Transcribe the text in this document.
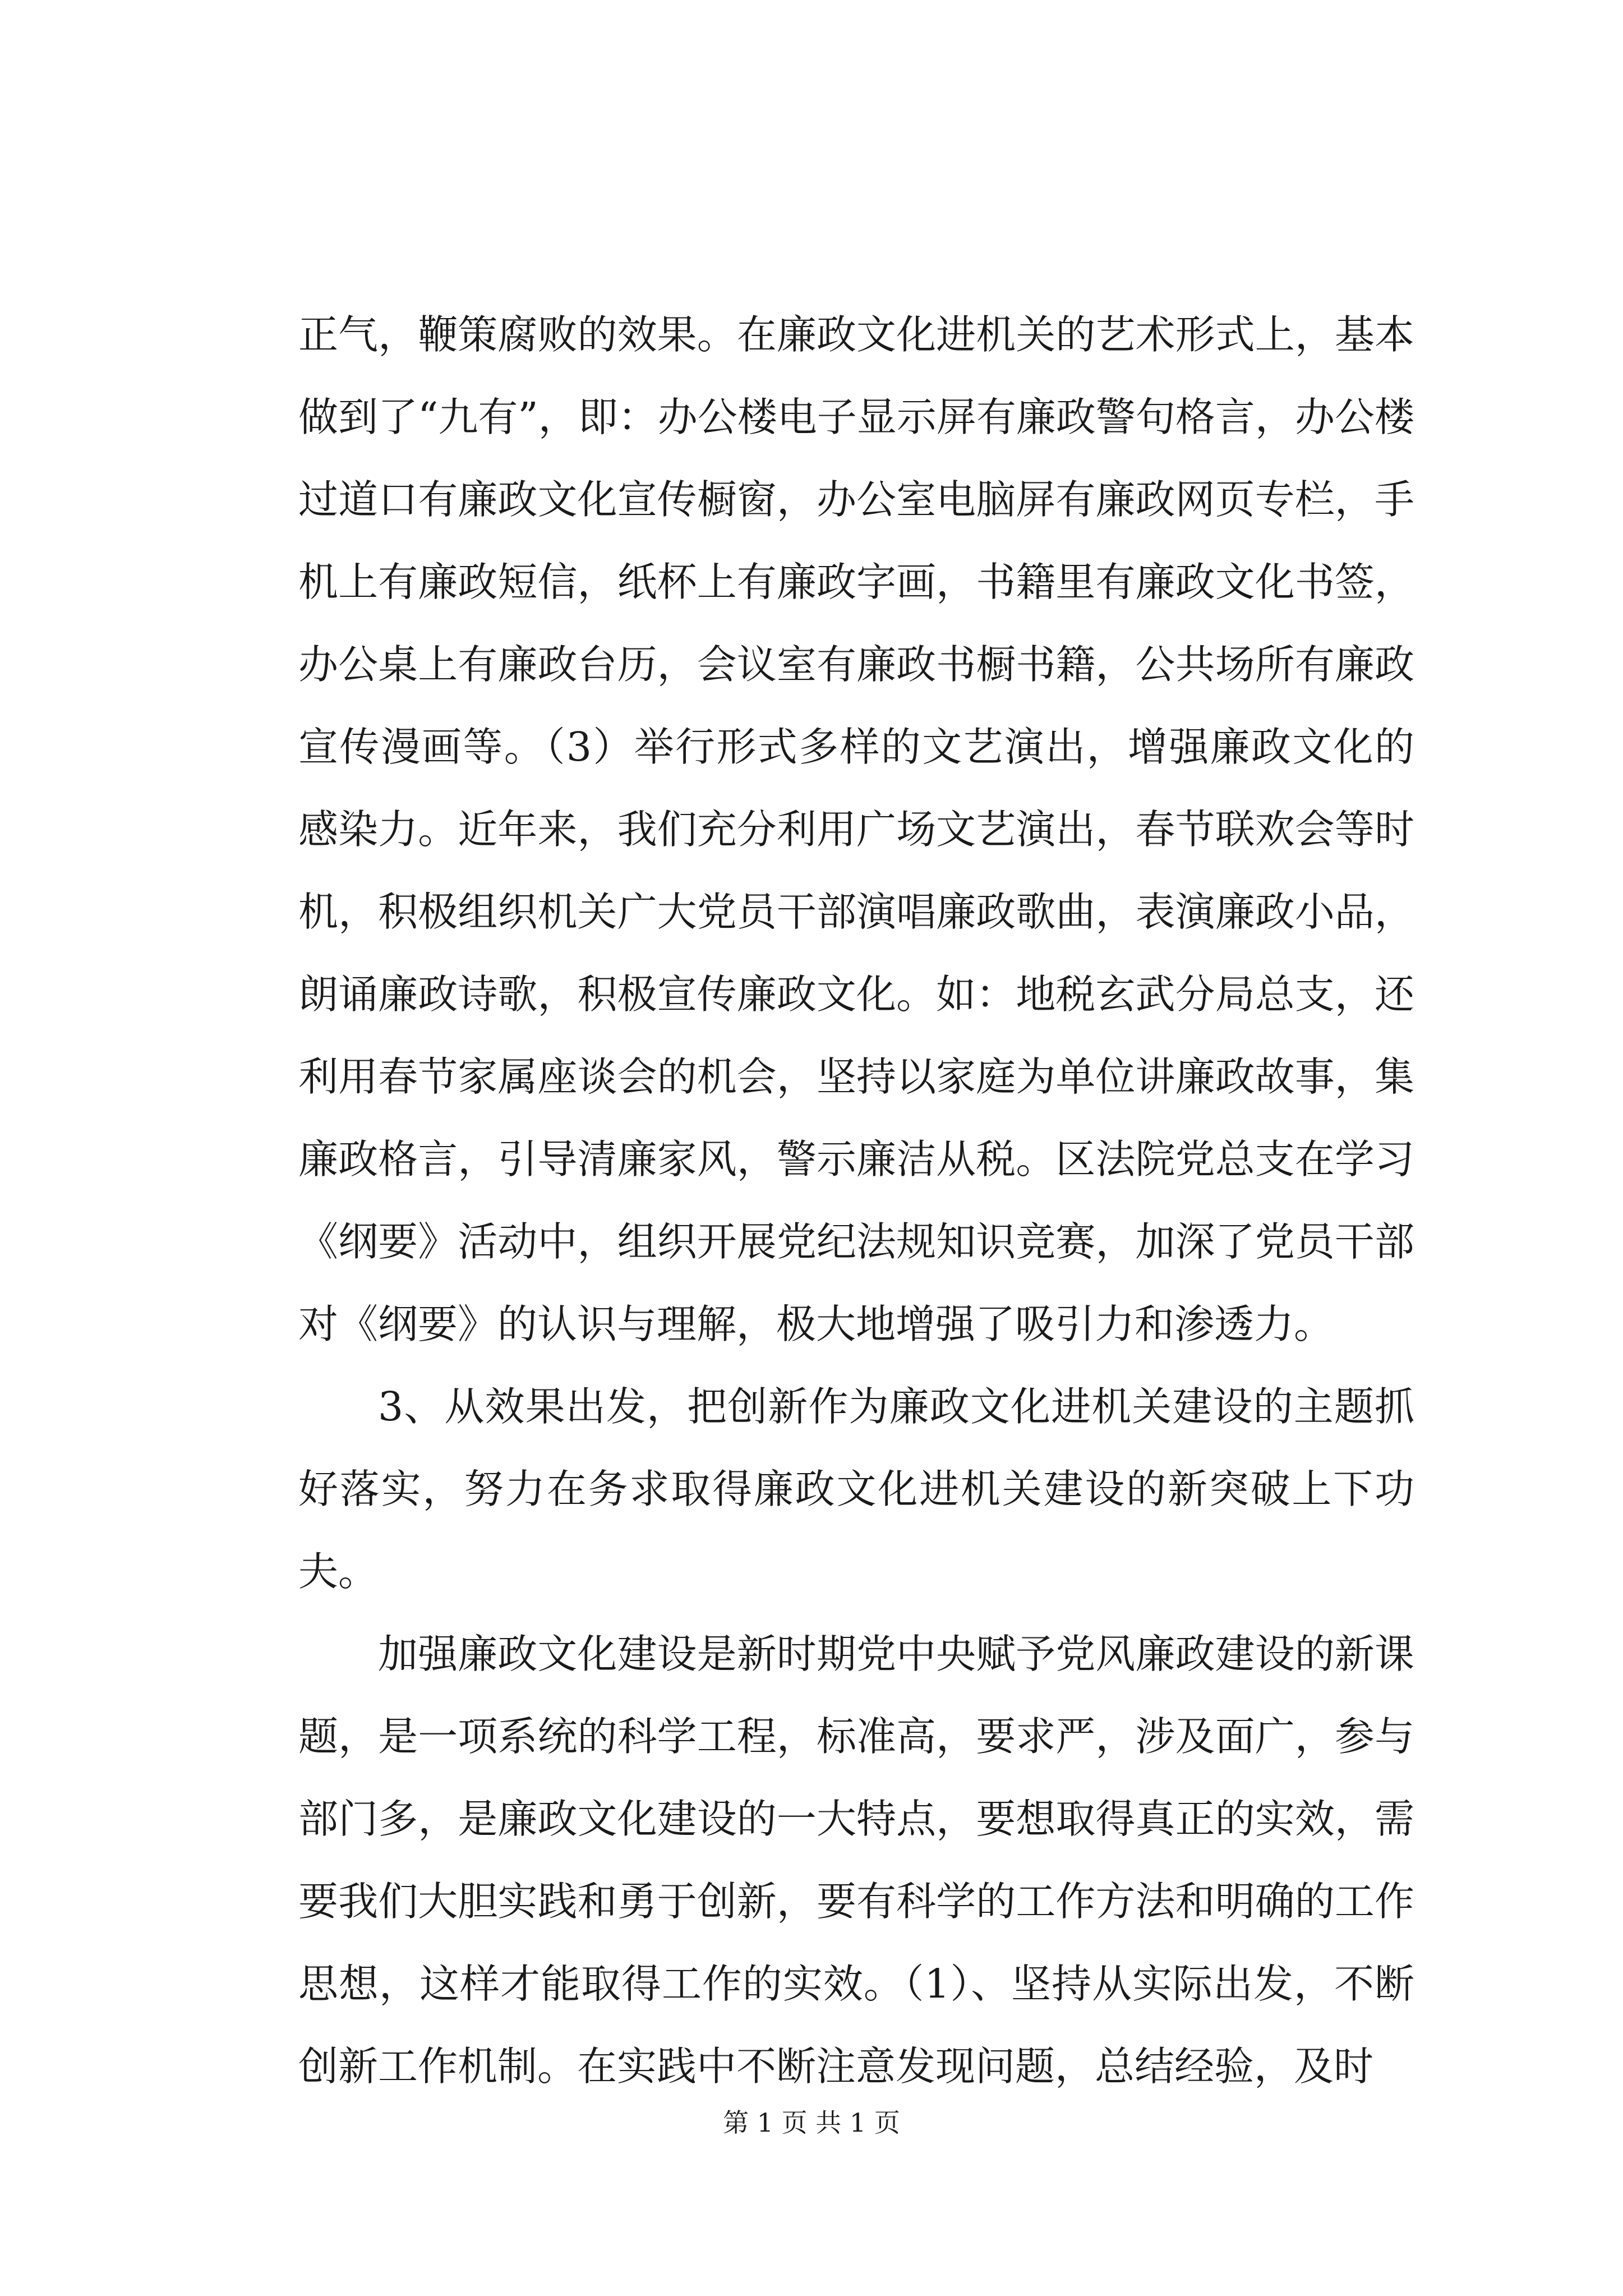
正气，鞭策腐败的效果。在廉政文化进机关的艺术形式上，基本做到了“九有”，即：办公楼电子显示屏有廉政警句格言，办公楼过道口有廉政文化宣传橱窗，办公室电脑屏有廉政网页专栏，手机上有廉政短信，纸杯上有廉政字画，书籍里有廉政文化书签，办公桌上有廉政台历，会议室有廉政书橱书籍，公共场所有廉政宣传漫画等。（3）举行形式多样的文艺演出，增强廉政文化的感染力。近年来，我们充分利用广场文艺演出，春节联欢会等时机，积极组织机关广大党员干部演唱廉政歌曲，表演廉政小品，朗诵廉政诗歌，积极宣传廉政文化。如：地税玄武分局总支，还利用春节家属座谈会的机会，坚持以家庭为单位讲廉政故事，集廉政格言，引导清廉家风，警示廉洁从税。区法院党总支在学习《纲要》活动中，组织开展党纪法规知识竞赛，加深了党员干部对《纲要》的认识与理解，极大地增强了吸引力和渗透力。

3、从效果出发，把创新作为廉政文化进机关建设的主题抓好落实，努力在务求取得廉政文化进机关建设的新突破上下功夫。

加强廉政文化建设是新时期党中央赋予党风廉政建设的新课题，是一项系统的科学工程，标准高，要求严，涉及面广，参与部门多，是廉政文化建设的一大特点，要想取得真正的实效，需要我们大胆实践和勇于创新，要有科学的工作方法和明确的工作思想，这样才能取得工作的实效。（1）、坚持从实际出发，不断创新工作机制。在实践中不断注意发现问题，总结经验，及时

第 1 页 共 1 页
